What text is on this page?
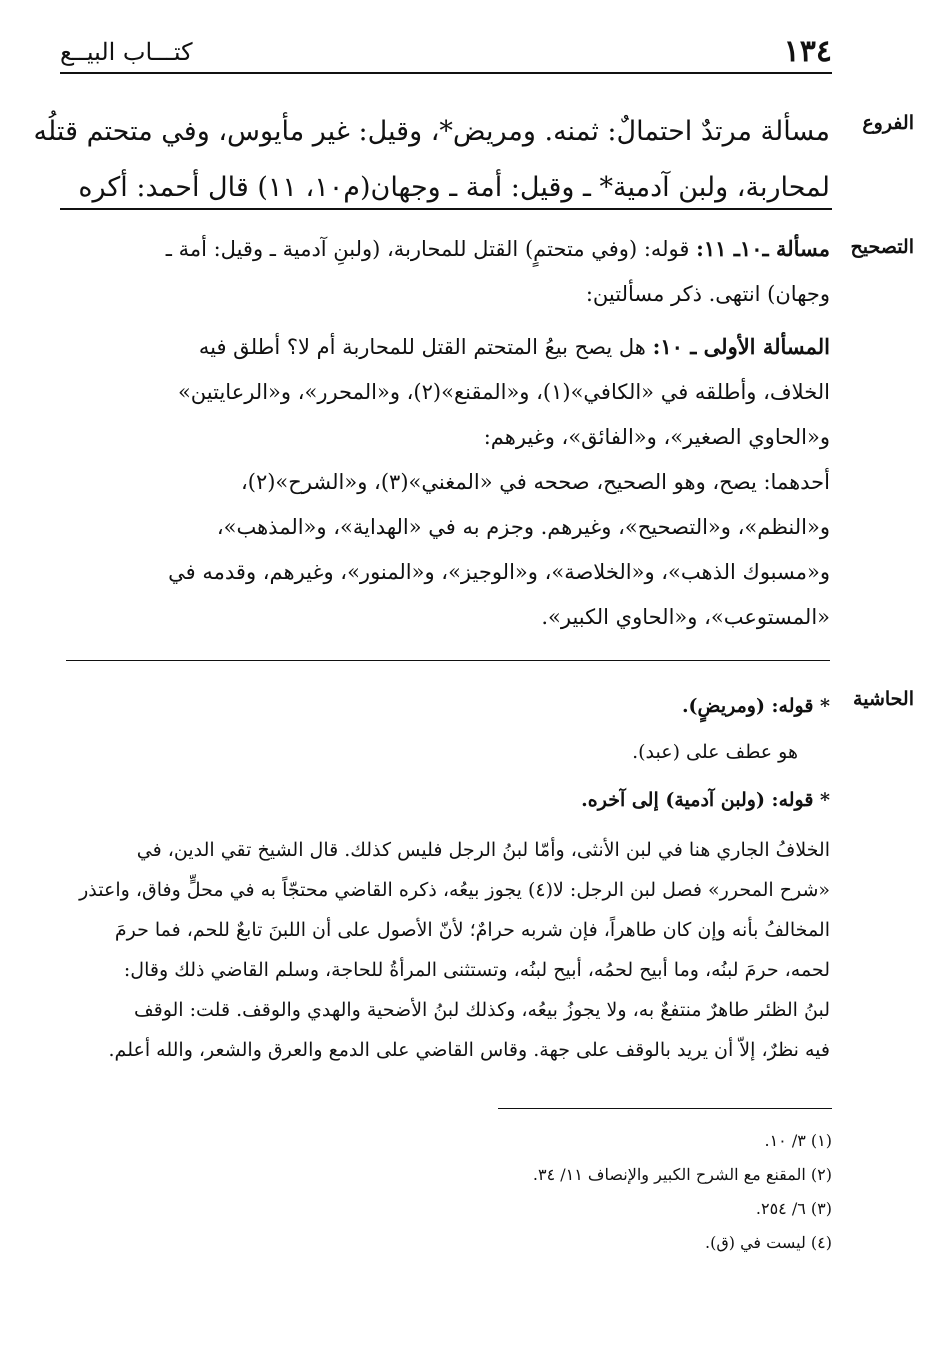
١٣٤
كتـــاب البيــع
الفروع
مسألة مرتدٌ احتمالٌ: ثمنه. ومريض*، وقيل: غير مأيوس، وفي متحتم قتلُه
لمحاربة، ولبن آدمية* ـ وقيل: أمة ـ وجهان(م١٠، ١١) قال أحمد: أكره
التصحيح
مسألة ـ١٠ـ ١١: قوله: (وفي متحتمٍ) القتل للمحاربة، (ولبنِ آدمية ـ وقيل: أمة ـ
وجهان) انتهى. ذكر مسألتين:
المسألة الأولى ـ ١٠: هل يصح بيعُ المتحتم القتل للمحاربة أم لا؟ أطلق فيه
الخلاف، وأطلقه في «الكافي»(١)، و«المقنع»(٢)، و«المحرر»، و«الرعايتين»
و«الحاوي الصغير»، و«الفائق»، وغيرهم:
أحدهما: يصح، وهو الصحيح، صححه في «المغني»(٣)، و«الشرح»(٢)،
و«النظم»، و«التصحيح»، وغيرهم. وجزم به في «الهداية»، و«المذهب»،
و«مسبوك الذهب»، و«الخلاصة»، و«الوجيز»، و«المنور»، وغيرهم، وقدمه في
«المستوعب»، و«الحاوي الكبير».
الحاشية
* قوله: (ومريضٍ).
هو عطف على (عبد).
* قوله: (ولبن آدمية) إلى آخره.
الخلافُ الجاري هنا في لبن الأنثى، وأمّا لبنُ الرجل فليس كذلك. قال الشيخ تقي الدين، في
«شرح المحرر» فصل لبن الرجل: لا(٤) يجوز بيعُه، ذكره القاضي محتجّاً به في محلٍّ وفاق، واعتذر
المخالفُ بأنه وإن كان طاهراً، فإن شربه حرامٌ؛ لأنّ الأصول على أن اللبنَ تابعٌ للحم، فما حرمَ
لحمه، حرمَ لبنُه، وما أبيح لحمُه، أبيح لبنُه، وتستثنى المرأةُ للحاجة، وسلم القاضي ذلك وقال:
لبنُ الظئر طاهرٌ منتفعٌ به، ولا يجوزُ بيعُه، وكذلك لبنُ الأضحية والهدي والوقف. قلت: الوقف
فيه نظرٌ، إلاّ أن يريد بالوقف على جهة. وقاس القاضي على الدمع والعرق والشعر، والله أعلم.
(١) ٣/ ١٠.
(٢) المقنع مع الشرح الكبير والإنصاف ١١/ ٣٤.
(٣) ٦/ ٢٥٤.
(٤) ليست في (ق).
